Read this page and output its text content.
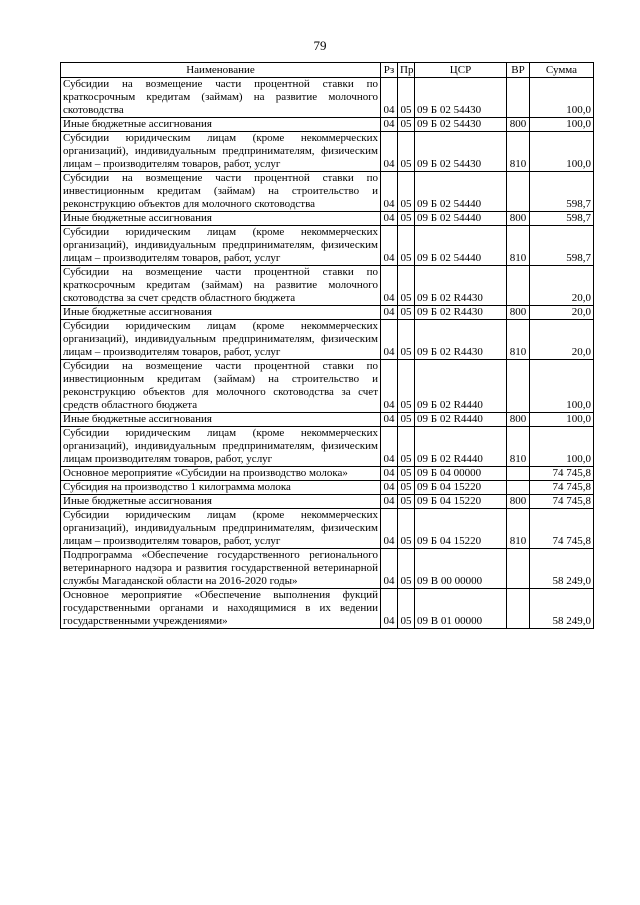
79
Наименование	Рз	Пр	ЦСР	ВР	Сумма
Субсидии на возмещение части процентной ставки по краткосрочным кредитам (займам) на развитие молочного скотоводства	04	05	09 Б 02 54430		100,0
Иные бюджетные ассигнования	04	05	09 Б 02 54430	800	100,0
Субсидии юридическим лицам (кроме некоммерческих организаций), индивидуальным предпринимателям, физическим лицам – производителям товаров, работ, услуг	04	05	09 Б 02 54430	810	100,0
Субсидии на возмещение части процентной ставки по инвестиционным кредитам (займам) на строительство и реконструкцию объектов для молочного скотоводства	04	05	09 Б 02 54440		598,7
Иные бюджетные ассигнования	04	05	09 Б 02 54440	800	598,7
Субсидии юридическим лицам (кроме некоммерческих организаций), индивидуальным предпринимателям, физическим лицам – производителям товаров, работ, услуг	04	05	09 Б 02 54440	810	598,7
Субсидии на возмещение части процентной ставки по краткосрочным кредитам (займам) на развитие молочного скотоводства за счет средств областного бюджета	04	05	09 Б 02 R4430		20,0
Иные бюджетные ассигнования	04	05	09 Б 02 R4430	800	20,0
Субсидии юридическим лицам (кроме некоммерческих организаций), индивидуальным предпринимателям, физическим лицам – производителям товаров, работ, услуг	04	05	09 Б 02 R4430	810	20,0
Субсидии на возмещение части процентной ставки по инвестиционным кредитам (займам) на строительство и реконструкцию объектов для молочного скотоводства за счет средств областного бюджета	04	05	09 Б 02 R4440		100,0
Иные бюджетные ассигнования	04	05	09 Б 02 R4440	800	100,0
Субсидии юридическим лицам (кроме некоммерческих организаций), индивидуальным предпринимателям, физическим лицам производителям товаров, работ, услуг	04	05	09 Б 02 R4440	810	100,0
Основное мероприятие «Субсидии на производство молока»	04	05	09 Б 04 00000		74 745,8
Субсидия на производство 1 килограмма молока	04	05	09 Б 04 15220		74 745,8
Иные бюджетные ассигнования	04	05	09 Б 04 15220	800	74 745,8
Субсидии юридическим лицам (кроме некоммерческих организаций), индивидуальным предпринимателям, физическим лицам – производителям товаров, работ, услуг	04	05	09 Б 04 15220	810	74 745,8
Подпрограмма «Обеспечение государственного регионального ветеринарного надзора и развития государственной ветеринарной службы Магаданской области на 2016-2020 годы»	04	05	09 В 00 00000		58 249,0
Основное мероприятие «Обеспечение выполнения фукций государственными органами и находящимися в их ведении государственными учреждениями»	04	05	09 В 01 00000		58 249,0
